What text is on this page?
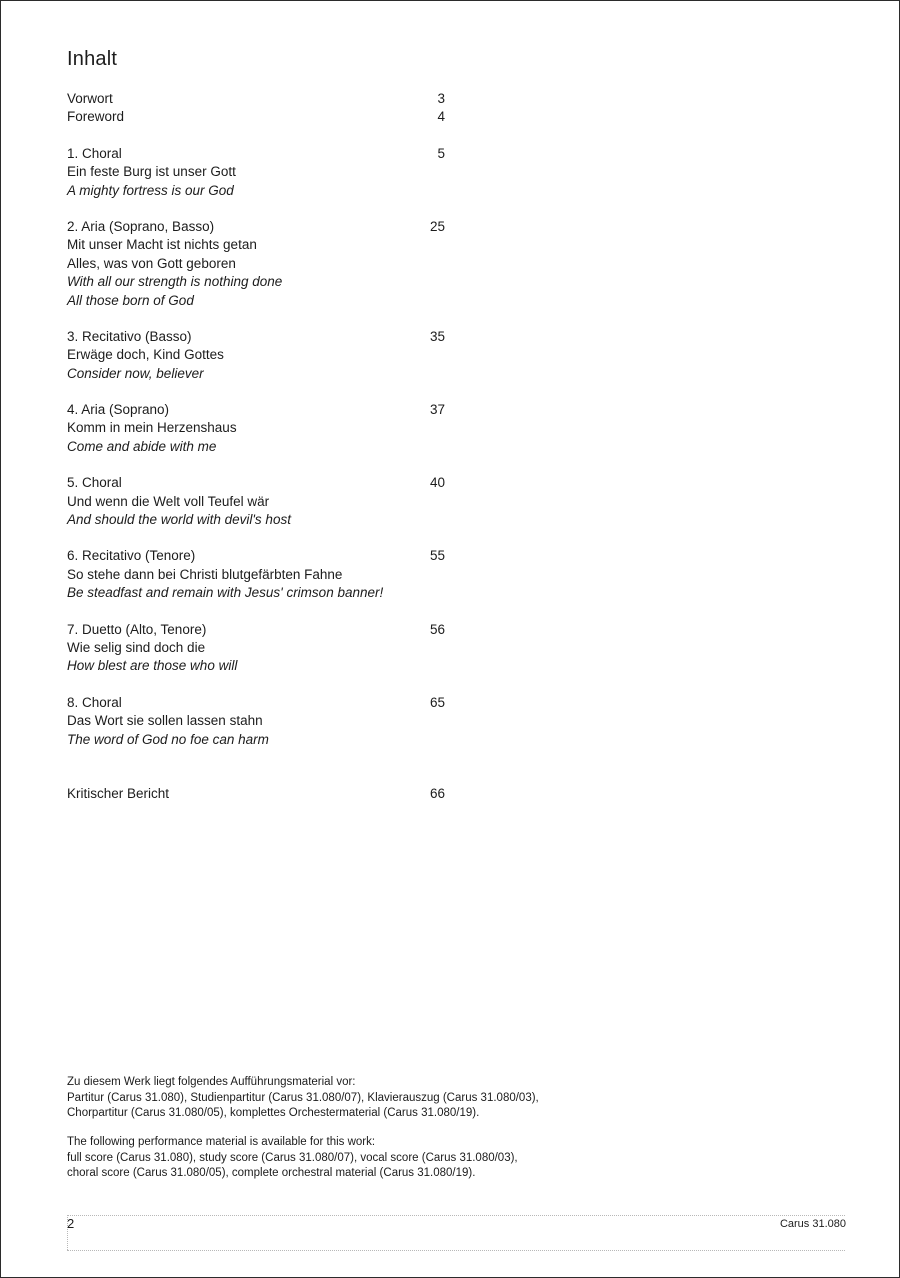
Inhalt
Vorwort	3
Foreword	4
1. Choral	5
Ein feste Burg ist unser Gott
A mighty fortress is our God
2. Aria (Soprano, Basso)	25
Mit unser Macht ist nichts getan
Alles, was von Gott geboren
With all our strength is nothing done
All those born of God
3. Recitativo (Basso)	35
Erwäge doch, Kind Gottes
Consider now, believer
4. Aria (Soprano)	37
Komm in mein Herzenshaus
Come and abide with me
5. Choral	40
Und wenn die Welt voll Teufel wär
And should the world with devil's host
6. Recitativo (Tenore)	55
So stehe dann bei Christi blutgefärbten Fahne
Be steadfast and remain with Jesus' crimson banner!
7. Duetto (Alto, Tenore)	56
Wie selig sind doch die
How blest are those who will
8. Choral	65
Das Wort sie sollen lassen stahn
The word of God no foe can harm
Kritischer Bericht	66
Zu diesem Werk liegt folgendes Aufführungsmaterial vor:
Partitur (Carus 31.080), Studienpartitur (Carus 31.080/07), Klavierauszug (Carus 31.080/03),
Chorpartitur (Carus 31.080/05), komplettes Orchestermaterial (Carus 31.080/19).
The following performance material is available for this work:
full score (Carus 31.080), study score (Carus 31.080/07), vocal score (Carus 31.080/03),
choral score (Carus 31.080/05), complete orchestral material (Carus 31.080/19).
2	Carus 31.080
